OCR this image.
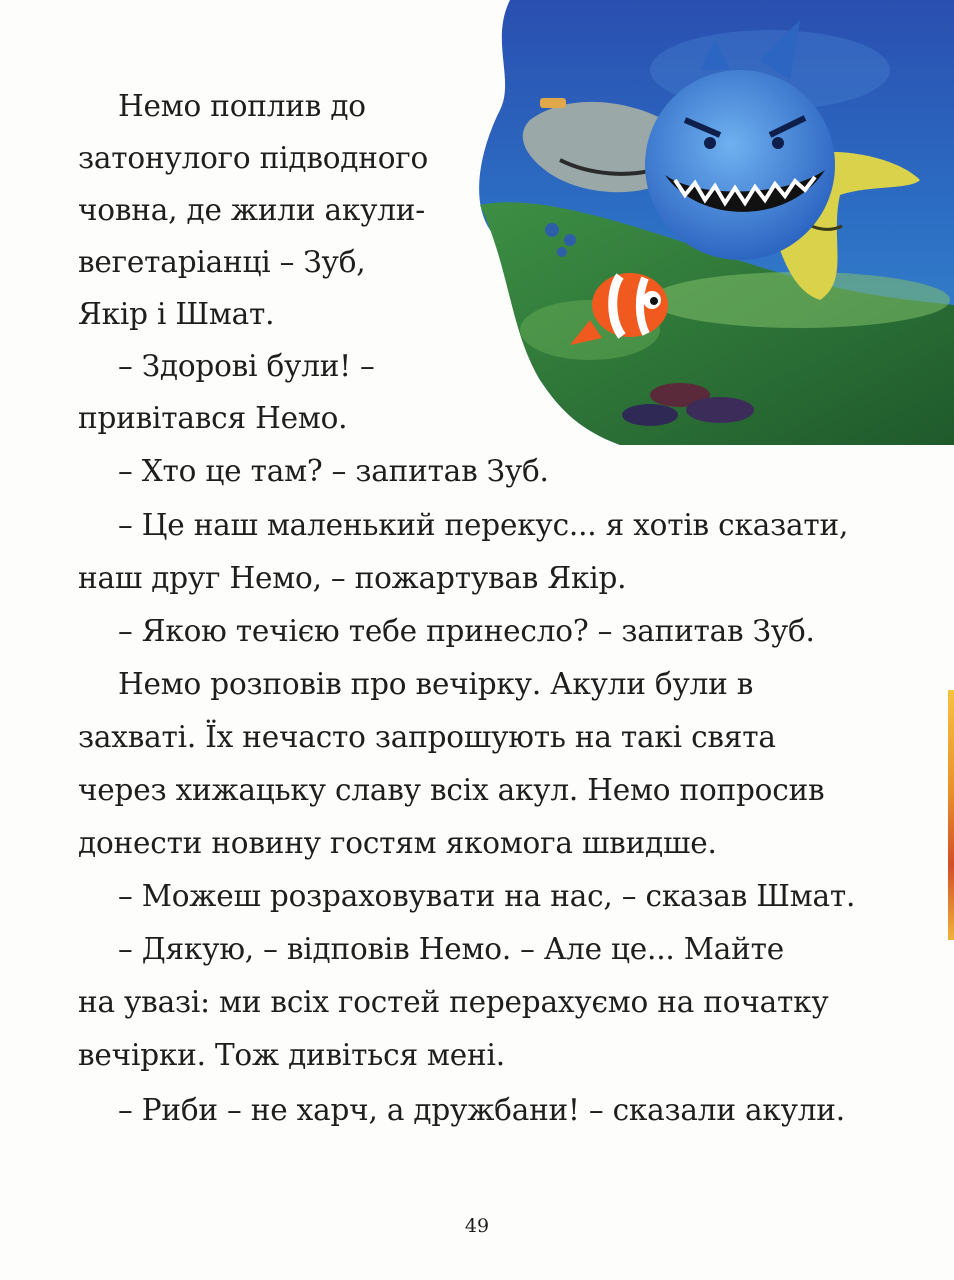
Немо поплив до
затонулого підводного
човна, де жили акули-
вегетаріанці – Зуб,
Якір і Шмат.
– Здорові були! –
привітався Немо.
– Хто це там? – запитав Зуб.
– Це наш маленький перекус... я хотів сказати,
наш друг Немо, – пожартував Якір.
– Якою течією тебе принесло? – запитав Зуб.
Немо розповів про вечірку. Акули були в
захваті. Їх нечасто запрошують на такі свята
через хижацьку славу всіх акул. Немо попросив
донести новину гостям якомога швидше.
– Можеш розраховувати на нас, – сказав Шмат.
– Дякую, – відповів Немо. – Але це... Майте
на увазі: ми всіх гостей перерахуємо на початку
вечірки. Тож дивіться мені.
– Риби – не харч, а дружбани! – сказали акули.
49
